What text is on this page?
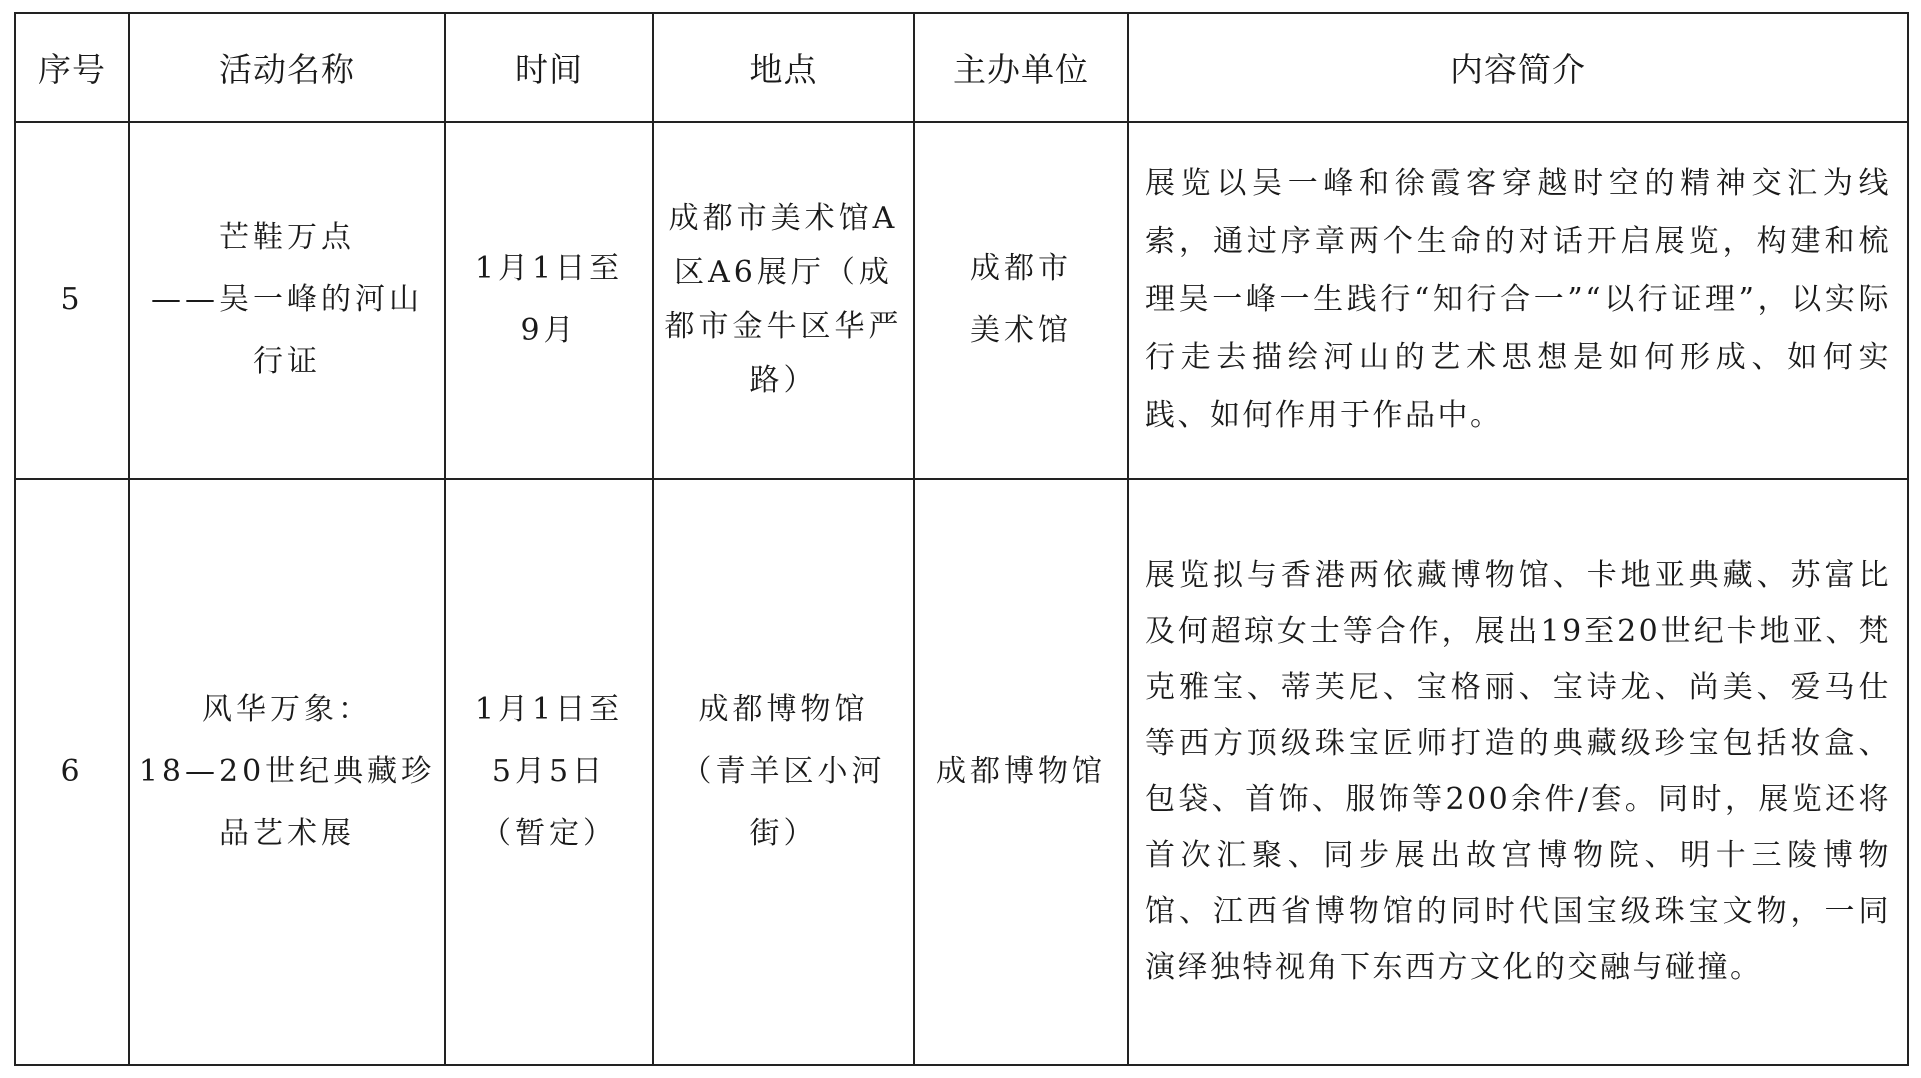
序号	活动名称	时间	地点	主办单位	内容简介
5	芒鞋万点
——吴一峰的河山
行证	1月1日至
9月	成都市美术馆A
区A6展厅（成
都市金牛区华严
路）	成都市
美术馆	展览以吴一峰和徐霞客穿越时空的精神交汇为线索，通过序章两个生命的对话开启展览，构建和梳理吴一峰一生践行“知行合一”“以行证理”，以实际行走去描绘河山的艺术思想是如何形成、如何实践、如何作用于作品中。
6	风华万象：
18—20世纪典藏珍
品艺术展	1月1日至
5月5日
（暂定）	成都博物馆
（青羊区小河
街）	成都博物馆	展览拟与香港两依藏博物馆、卡地亚典藏、苏富比及何超琼女士等合作，展出19至20世纪卡地亚、梵克雅宝、蒂芙尼、宝格丽、宝诗龙、尚美、爱马仕等西方顶级珠宝匠师打造的典藏级珍宝包括妆盒、包袋、首饰、服饰等200余件/套。同时，展览还将首次汇聚、同步展出故宫博物院、明十三陵博物馆、江西省博物馆的同时代国宝级珠宝文物，一同演绎独特视角下东西方文化的交融与碰撞。
